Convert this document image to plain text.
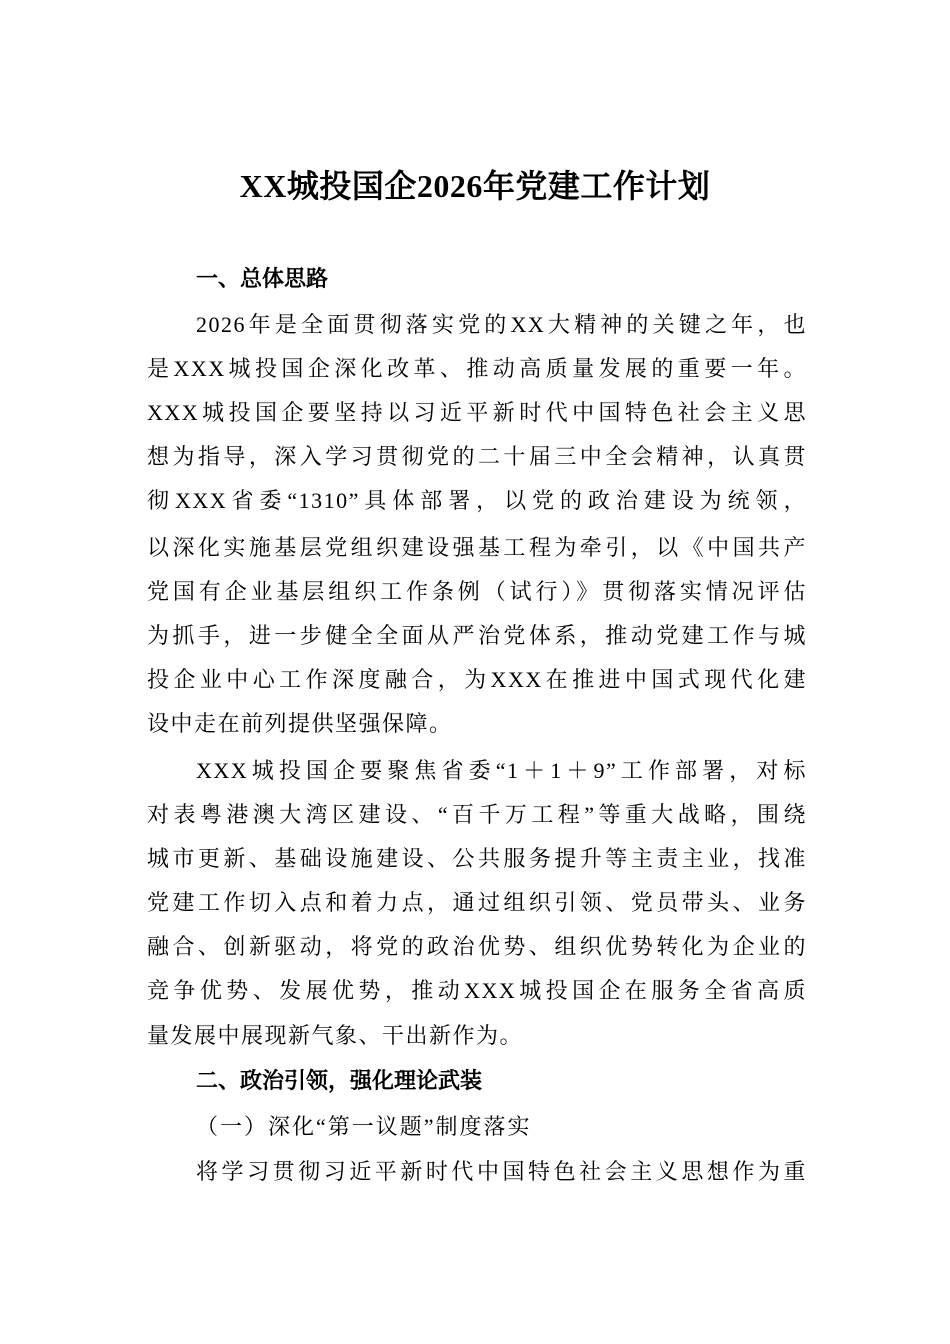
XX城投国企2026年党建工作计划
一、总体思路
2026年是全面贯彻落实党的XX大精神的关键之年，也
是XXX城投国企深化改革、推动高质量发展的重要一年。
XXX城投国企要坚持以习近平新时代中国特色社会主义思
想为指导，深入学习贯彻党的二十届三中全会精神，认真贯
彻XXX省委“1310”具体部署，以党的政治建设为统领，
以深化实施基层党组织建设强基工程为牵引，以《中国共产
党国有企业基层组织工作条例（试行）》贯彻落实情况评估
为抓手，进一步健全全面从严治党体系，推动党建工作与城
投企业中心工作深度融合，为XXX在推进中国式现代化建
设中走在前列提供坚强保障。
XXX城投国企要聚焦省委“1＋1＋9”工作部署，对标
对表粤港澳大湾区建设、“百千万工程”等重大战略，围绕
城市更新、基础设施建设、公共服务提升等主责主业，找准
党建工作切入点和着力点，通过组织引领、党员带头、业务
融合、创新驱动，将党的政治优势、组织优势转化为企业的
竞争优势、发展优势，推动XXX城投国企在服务全省高质
量发展中展现新气象、干出新作为。
二、政治引领，强化理论武装
（一）深化“第一议题”制度落实
将学习贯彻习近平新时代中国特色社会主义思想作为重
